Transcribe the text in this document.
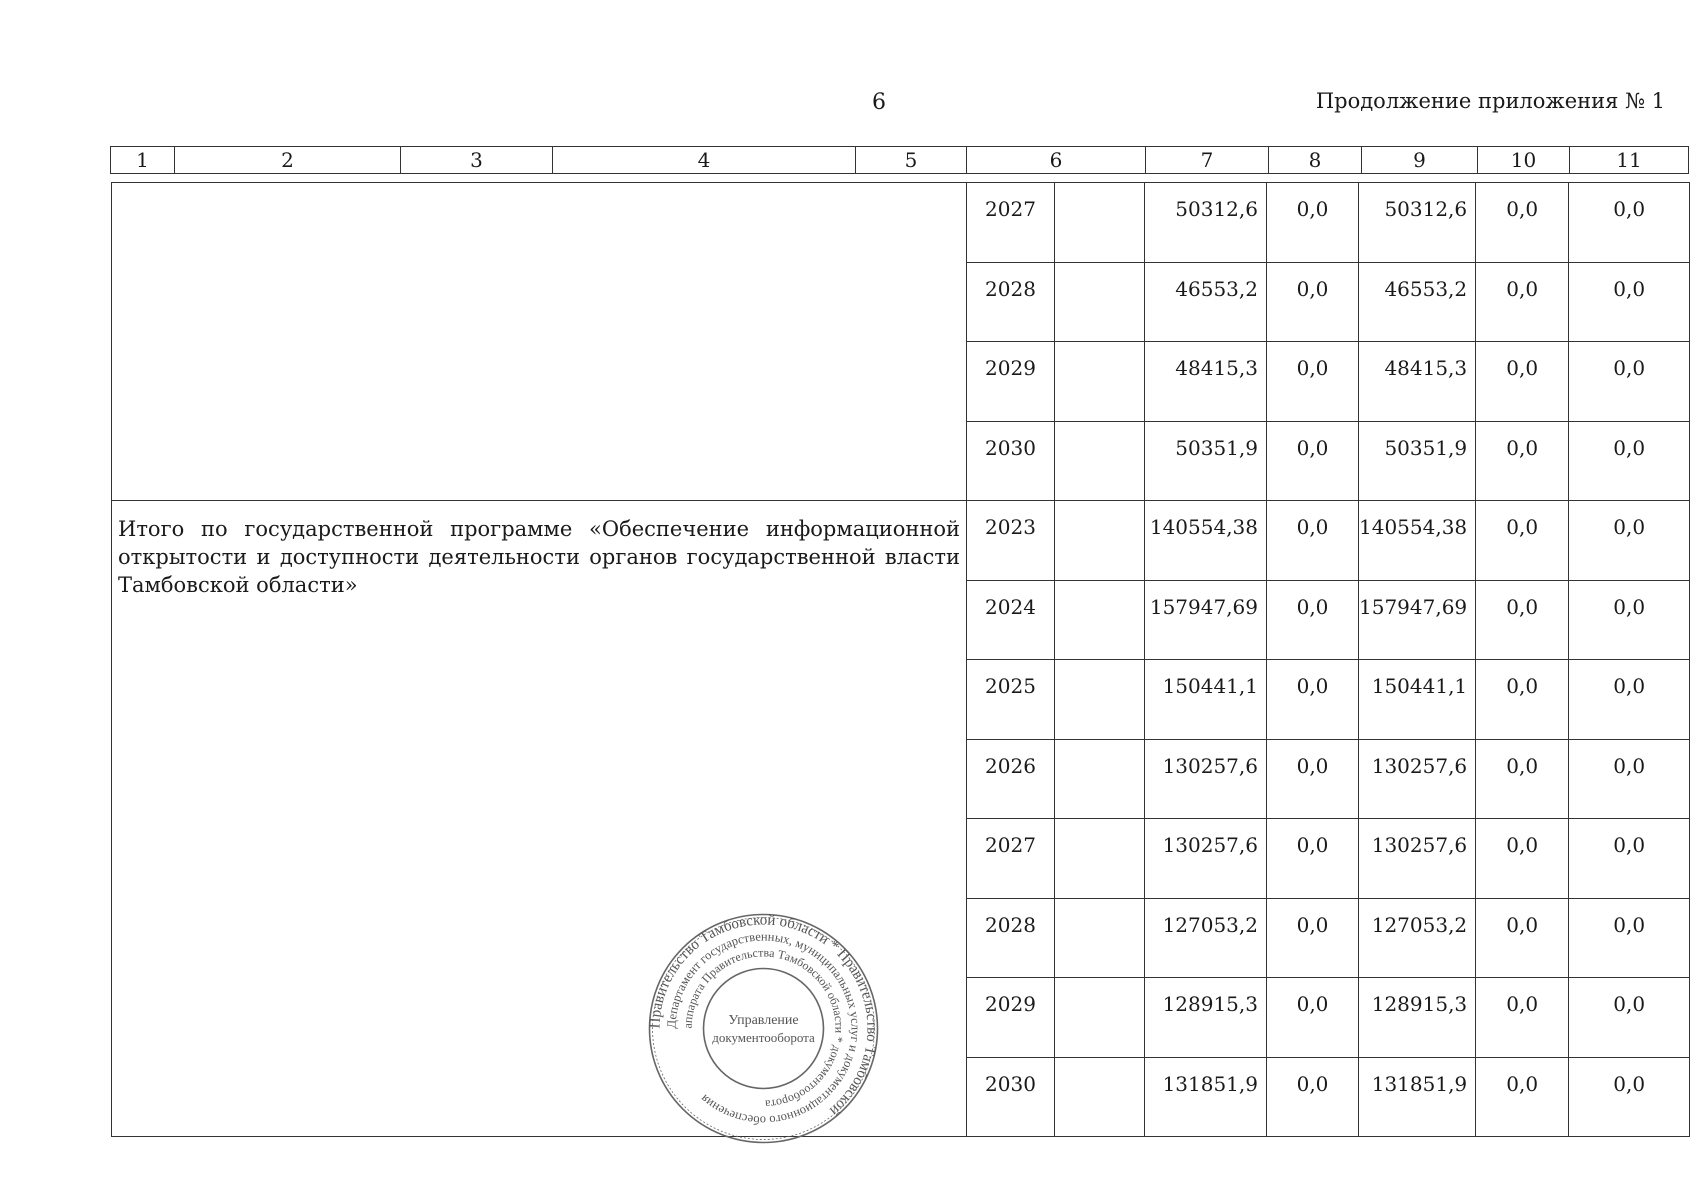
6	Продолжение приложения № 1
1	2	3	4	5	6	7	8	9	10	11
	2027		50312,6	0,0	50312,6	0,0	0,0
	2028		46553,2	0,0	46553,2	0,0	0,0
	2029		48415,3	0,0	48415,3	0,0	0,0
	2030		50351,9	0,0	50351,9	0,0	0,0
Итого по государственной программе «Обеспечение информационной открытости и доступности деятельности органов государственной власти Тамбовской области»	2023		140554,38	0,0	140554,38	0,0	0,0
	2024		157947,69	0,0	157947,69	0,0	0,0
	2025		150441,1	0,0	150441,1	0,0	0,0
	2026		130257,6	0,0	130257,6	0,0	0,0
	2027		130257,6	0,0	130257,6	0,0	0,0
	2028		127053,2	0,0	127053,2	0,0	0,0
	2029		128915,3	0,0	128915,3	0,0	0,0
	2030		131851,9	0,0	131851,9	0,0	0,0
Правительство Тамбовской области * Правительство Тамбовской
Департамент государственных, муниципальных услуг и документационного обеспечения
аппарата Правительства Тамбовской области * документооборота
Управление
документооборота
